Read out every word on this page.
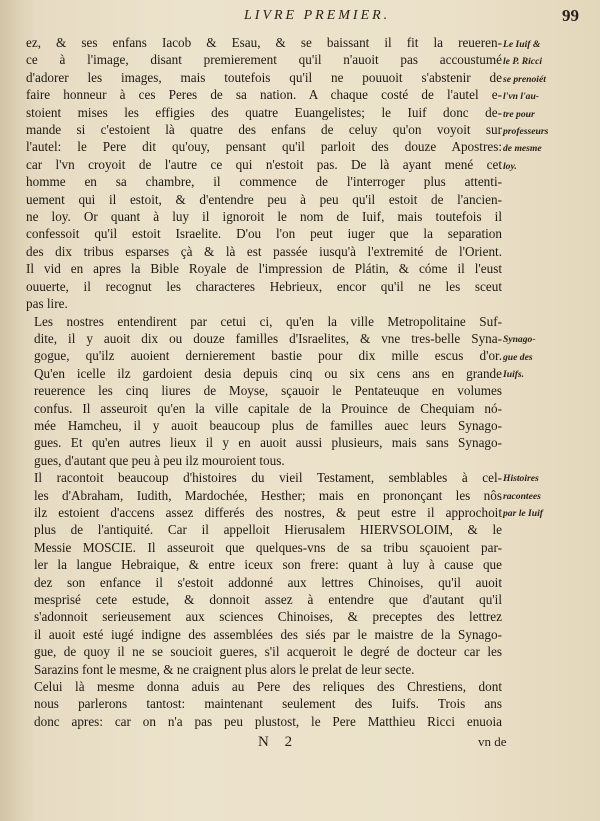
LIVRE PREMIER.	99

ez, & ses enfans Iacob & Esau, & se baissant il fit la reueren-
ce à l'image, disant premierement qu'il n'auoit pas accoustumé
d'adorer les images, mais toutefois qu'il ne pouuoit s'abstenir de
faire honneur à ces Peres de sa nation. A chaque costé de l'autel e-
stoient mises les effigies des quatre Euangelistes; le Iuif donc de-
mande si c'estoient là quatre des enfans de celuy qu'on voyoit sur
l'autel: le Pere dit qu'ouy, pensant qu'il parloit des douze Apostres:
car l'vn croyoit de l'autre ce qui n'estoit pas. De là ayant mené cet
homme en sa chambre, il commence de l'interroger plus attenti-
uement qui il estoit, & d'entendre peu à peu qu'il estoit de l'ancien-
ne loy. Or quant à luy il ignoroit le nom de Iuif, mais toutefois il
confessoit qu'il estoit Israelite. D'ou l'on peut iuger que la separation
des dix tribus esparses çà & là est passée iusqu'à l'extremité de l'Orient.
Il vid en apres la Bible Royale de l'impression de Plátin, & cóme il l'eust
ouuerte, il recognut les characteres Hebrieux, encor qu'il ne les sceut
pas lire.

Les nostres entendirent par cetui ci, qu'en la ville Metropolitaine Suf-
dite, il y auoit dix ou douze familles d'Israelites, & vne tres-belle Syna-
gogue, qu'ilz auoient dernierement bastie pour dix mille escus d'or.
Qu'en icelle ilz gardoient desia depuis cinq ou six cens ans en grande
reuerence les cinq liures de Moyse, sçauoir le Pentateuque en volumes
confus. Il asseuroit qu'en la ville capitale de la Prouince de Chequiam nó-
mée Hamcheu, il y auoit beaucoup plus de familles auec leurs Synago-
gues. Et qu'en autres lieux il y en auoit aussi plusieurs, mais sans Synago-
gues, d'autant que peu à peu ilz mouroient tous.

Il racontoit beaucoup d'histoires du vieil Testament, semblables à cel-
les d'Abraham, Iudith, Mardochée, Hesther; mais en prononçant les nôs
ilz estoient d'accens assez differés des nostres, & peut estre il approchoit
plus de l'antiquité. Car il appelloit Hierusalem HIERVSOLOIM, & le
Messie MOSCIE. Il asseuroit que quelques-vns de sa tribu sçauoient par-
ler la langue Hebraique, & entre iceux son frere: quant à luy à cause que
dez son enfance il s'estoit addonné aux lettres Chinoises, qu'il auoit
mesprisé cete estude, & donnoit assez à entendre que d'autant qu'il
s'adonnoit serieusement aux sciences Chinoises, & preceptes des lettrez
il auoit esté iugé indigne des assemblées des siés par le maistre de la Synago-
gue, de quoy il ne se soucioit gueres, s'il acqueroit le degré de docteur car les
Sarazins font le mesme, & ne craignent plus alors le prelat de leur secte.

Celui là mesme donna aduis au Pere des reliques des Chrestiens, dont
nous parlerons tantost: maintenant seulement des Iuifs. Trois ans
donc apres: car on n'a pas peu plustost, le Pere Matthieu Ricci enuoia

Le Iuif &
le P. Ricci
se prenoiét
l'vn l'au-
tre pour
professeurs
de mesme
loy.
Synago-
gue des
Iuifs.
Histoires
racontees
par le Iuif
N 2	vn de
